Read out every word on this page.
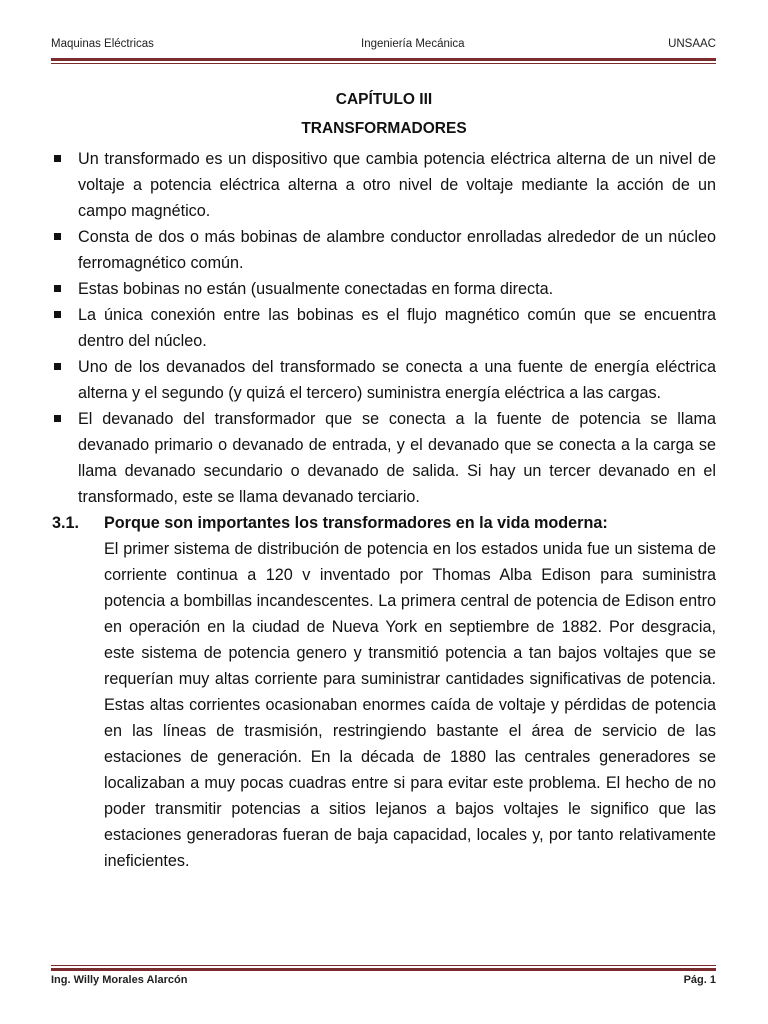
Maquinas Eléctricas	Ingeniería Mecánica	UNSAAC
CAPÍTULO III
TRANSFORMADORES
Un transformado es un dispositivo que cambia potencia eléctrica alterna de un nivel de voltaje a potencia eléctrica alterna a otro nivel de voltaje mediante la acción de un campo magnético.
Consta de dos o más bobinas de alambre conductor enrolladas alrededor de un núcleo ferromagnético común.
Estas bobinas no están (usualmente conectadas en forma directa.
La única conexión entre las bobinas es el flujo magnético común que se encuentra dentro del núcleo.
Uno de los devanados del transformado se conecta a una fuente de energía eléctrica alterna y el segundo (y quizá el tercero) suministra energía eléctrica a las cargas.
El devanado del transformador que se conecta a la fuente de potencia se llama devanado primario o devanado de entrada, y el devanado que se conecta a la carga se llama devanado secundario o devanado de salida. Si hay un tercer devanado en el transformado, este se llama devanado terciario.
3.1. Porque son importantes los transformadores en la vida moderna:
El primer sistema de distribución de potencia en los estados unida fue un sistema de corriente continua a 120 v inventado por Thomas Alba Edison para suministra potencia a bombillas incandescentes. La primera central de potencia de Edison entro en operación en la ciudad de Nueva York en septiembre de 1882. Por desgracia, este sistema de potencia genero y transmitió potencia a tan bajos voltajes que se requerían muy altas corriente para suministrar cantidades significativas de potencia. Estas altas corrientes ocasionaban enormes caída de voltaje y pérdidas de potencia en las líneas de trasmisión, restringiendo bastante el área de servicio de las estaciones de generación. En la década de 1880 las centrales generadores se localizaban a muy pocas cuadras entre si para evitar este problema. El hecho de no poder transmitir potencias a sitios lejanos a bajos voltajes le significo que las estaciones generadoras fueran de baja capacidad, locales y, por tanto relativamente ineficientes.
Ing. Willy Morales Alarcón	Pág. 1
